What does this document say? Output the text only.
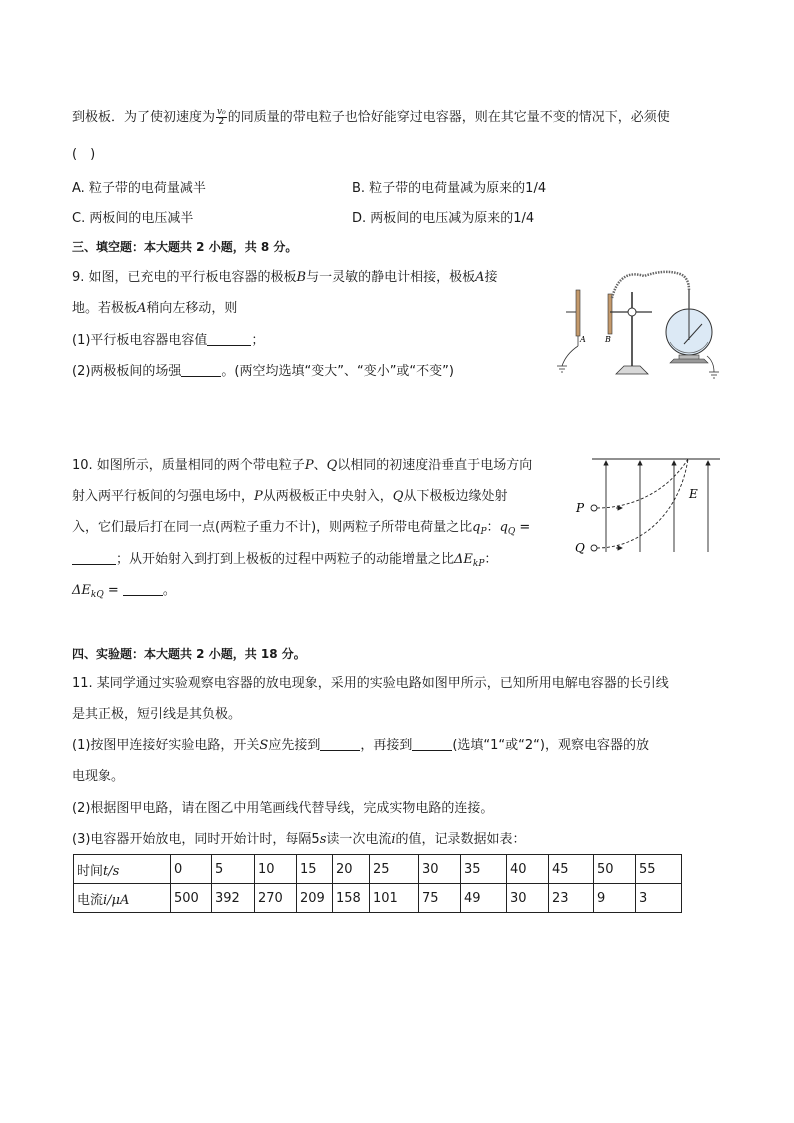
到极板．为了使初速度为 $\frac{\text{v₀}}{2}$ 的同质量的带电粒子也恰好能穿过电容器，则在其它量不变的情况下，必须使
(　)
A. 粒子带的电荷量减半	B. 粒子带的电荷量减为原来的1/4
C. 两板间的电压减半	D. 两板间的电压减为原来的1/4
三、填空题：本大题共 2 小题，共 8 分。
9. 如图，已充电的平行板电容器的极板B与一灵敏的静电计相接，极板A接
地。若极板A稍向左移动，则
(1)平行板电容器电容值	；
(2)两极板间的场强	。(两空均选填“变大”、“变小”或“不变”)
A B
10. 如图所示，质量相同的两个带电粒子P、Q以相同的初速度沿垂直于电场方向
射入两平行板间的匀强电场中，P从两极板正中央射入，Q从下极板边缘处射
入，它们最后打在同一点(两粒子重力不计)，则两粒子所带电荷量之比$q_P$：$q_Q$ =
；从开始射入到打到上极板的过程中两粒子的动能增量之比$\Delta E_{kP}$：
$\Delta E_{kQ}$ =	。
P
Q
E
四、实验题：本大题共 2 小题，共 18 分。
11. 某同学通过实验观察电容器的放电现象，采用的实验电路如图甲所示，已知所用电解电容器的长引线
是其正极，短引线是其负极。
(1)按图甲连接好实验电路，开关S应先接到	，再接到	(选填“1“或“2“)，观察电容器的放
电现象。
(2)根据图甲电路，请在图乙中用笔画线代替导线，完成实物电路的连接。
(3)电容器开始放电，同时开始计时，每隔5s读一次电流i的值，记录数据如表：
时间t/s	0	5	10	15	20	25	30	35	40	45	50	55
电流i/μA	500	392	270	209	158	101	75	49	30	23	9	3
